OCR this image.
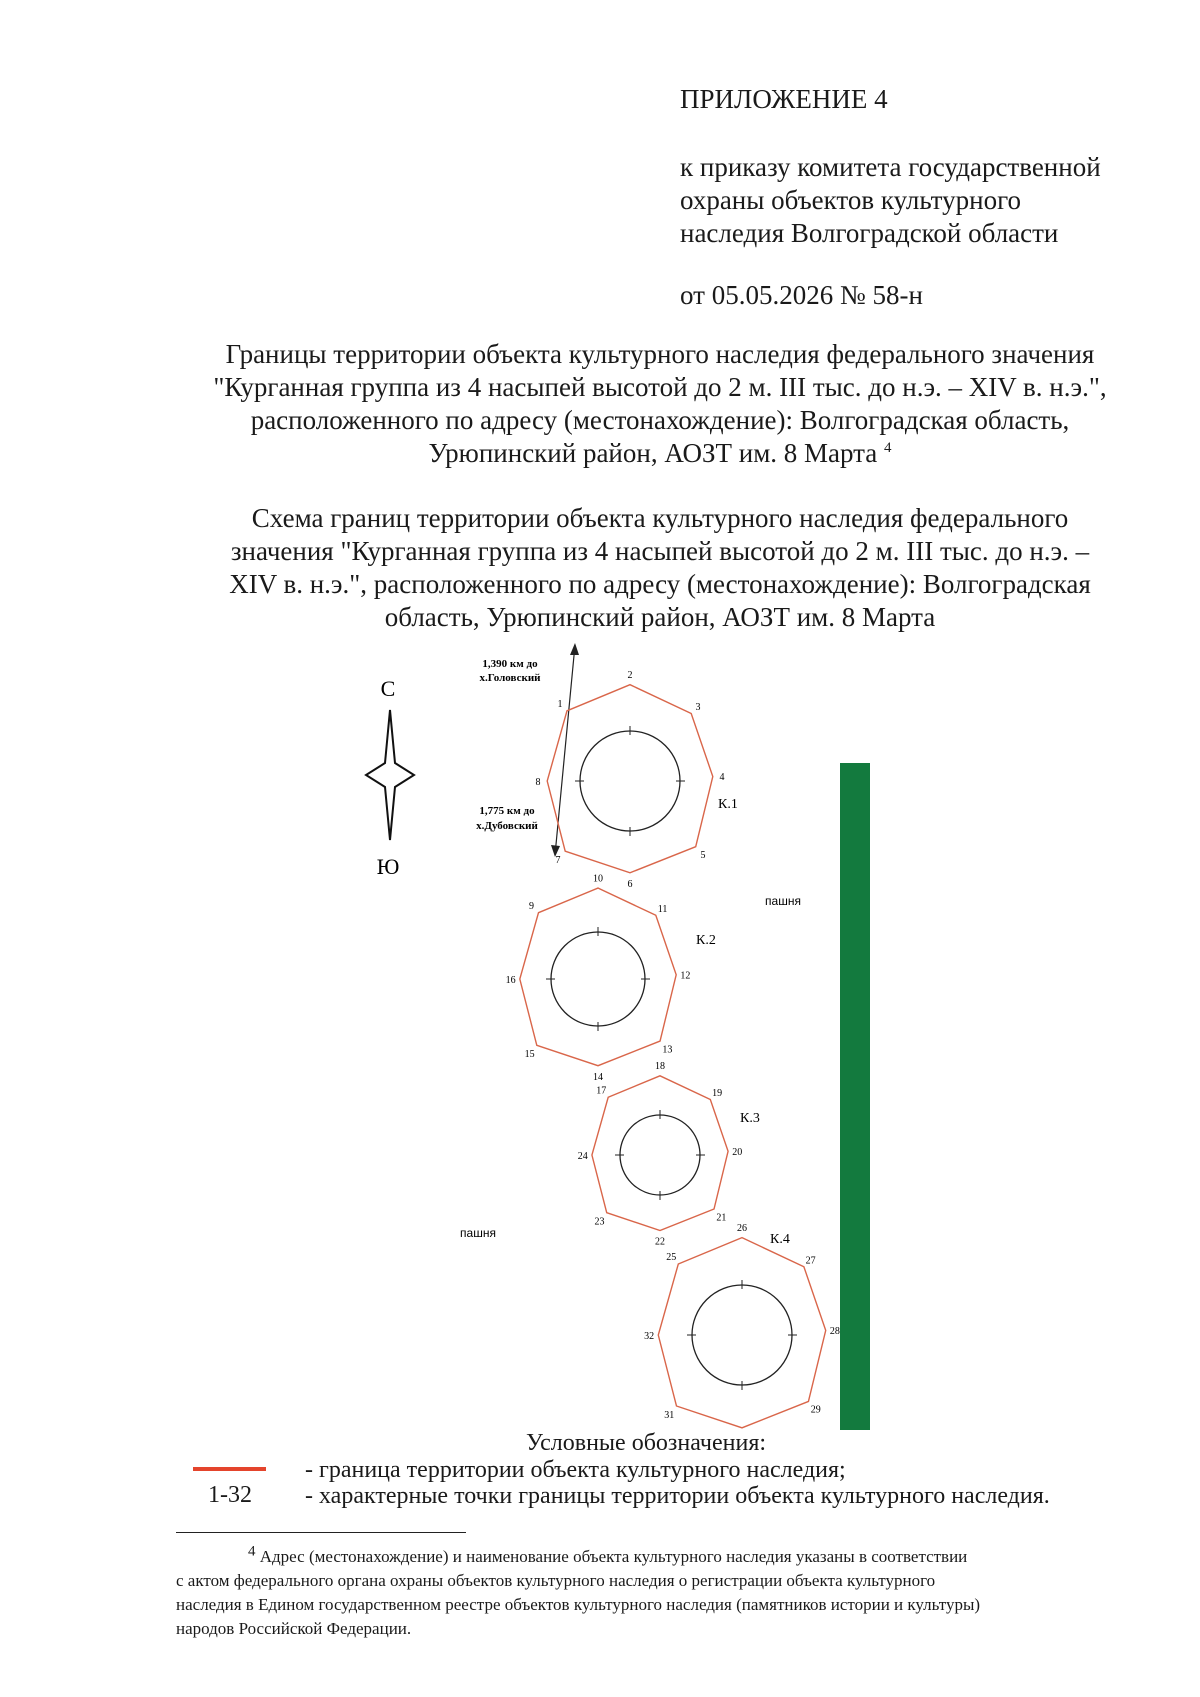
ПРИЛОЖЕНИЕ 4
к приказу комитета государственной
охраны объектов культурного
наследия Волгоградской области
от 05.05.2026 № 58-н
Границы территории объекта культурного наследия федерального значения
"Курганная группа из 4 насыпей высотой до 2 м. III тыс. до н.э. – XIV в. н.э.",
расположенного по адресу (местонахождение): Волгоградская область,
Урюпинский район, АОЗТ им. 8 Марта $^4$
Схема границ территории объекта культурного наследия федерального
значения "Курганная группа из 4 насыпей высотой до 2 м. III тыс. до н.э. –
XIV в. н.э.", расположенного по адресу (местонахождение): Волгоградская
область, Урюпинский район, АОЗТ им. 8 Марта
С
Ю
1,390 км до
х.Головский
1,775 км до
х.Дубовский
пашня
пашня
1
2
3
4
5
6
7
8
К.1
9
10
11
12
13
14
15
16
К.2
17
18
19
20
21
22
23
24
К.3
25
26
27
28
29
31
32
К.4
Условные обозначения:
- граница территории объекта культурного наследия;
1-32 - характерные точки границы территории объекта культурного наследия.
$^4$ Адрес (местонахождение) и наименование объекта культурного наследия указаны в соответствии
с актом федерального органа охраны объектов культурного наследия о регистрации объекта культурного
наследия в Едином государственном реестре объектов культурного наследия (памятников истории и культуры)
народов Российской Федерации.
